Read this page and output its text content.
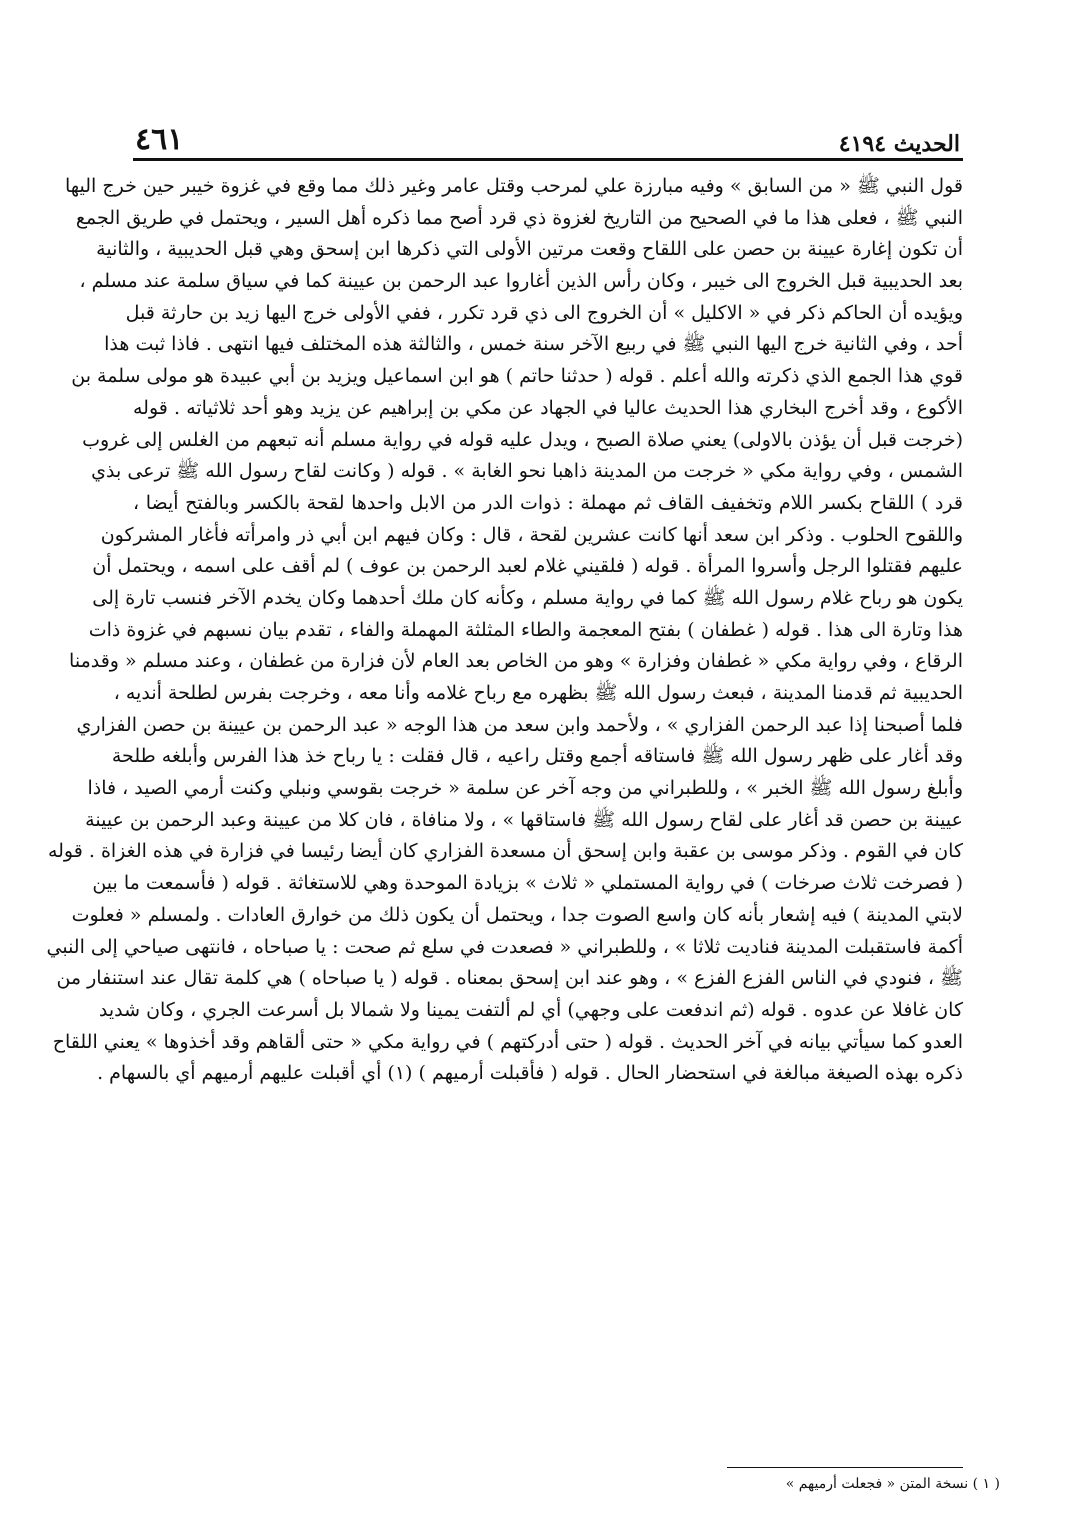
الحديث ٤١٩٤
٤٦١
قول النبي ﷺ « من السابق » وفيه مبارزة علي لمرحب وقتل عامر وغير ذلك مما وقع في غزوة خيبر حين خرج اليها
النبي ﷺ ، فعلى هذا ما في الصحيح من التاريخ لغزوة ذي قرد أصح مما ذكره أهل السير ، ويحتمل في طريق الجمع
أن تكون إغارة عيينة بن حصن على اللقاح وقعت مرتين الأولى التي ذكرها ابن إسحق وهي قبل الحديبية ، والثانية
بعد الحديبية قبل الخروج الى خيبر ، وكان رأس الذين أغاروا عبد الرحمن بن عيينة كما في سياق سلمة عند مسلم ،
ويؤيده أن الحاكم ذكر في « الاكليل » أن الخروج الى ذي قرد تكرر ، ففي الأولى خرج اليها زيد بن حارثة قبل
أحد ، وفي الثانية خرج اليها النبي ﷺ في ربيع الآخر سنة خمس ، والثالثة هذه المختلف فيها انتهى . فاذا ثبت هذا
قوي هذا الجمع الذي ذكرته والله أعلم . قوله ( حدثنا حاتم ) هو ابن اسماعيل ويزيد بن أبي عبيدة هو مولى سلمة بن
الأكوع ، وقد أخرج البخاري هذا الحديث عاليا في الجهاد عن مكي بن إبراهيم عن يزيد وهو أحد ثلاثياته . قوله
(خرجت قبل أن يؤذن بالاولى) يعني صلاة الصبح ، ويدل عليه قوله في رواية مسلم أنه تبعهم من الغلس إلى غروب
الشمس ، وفي رواية مكي « خرجت من المدينة ذاهبا نحو الغابة » . قوله ( وكانت لقاح رسول الله ﷺ ترعى بذي
قرد ) اللقاح بكسر اللام وتخفيف القاف ثم مهملة : ذوات الدر من الابل واحدها لقحة بالكسر وبالفتح أيضا ،
واللقوح الحلوب . وذكر ابن سعد أنها كانت عشرين لقحة ، قال : وكان فيهم ابن أبي ذر وامرأته فأغار المشركون
عليهم فقتلوا الرجل وأسروا المرأة . قوله ( فلقيني غلام لعبد الرحمن بن عوف ) لم أقف على اسمه ، ويحتمل أن
يكون هو رباح غلام رسول الله ﷺ كما في رواية مسلم ، وكأنه كان ملك أحدهما وكان يخدم الآخر فنسب تارة إلى
هذا وتارة الى هذا . قوله ( غطفان ) بفتح المعجمة والطاء المثلثة المهملة والفاء ، تقدم بيان نسبهم في غزوة ذات
الرقاع ، وفي رواية مكي « غطفان وفزارة » وهو من الخاص بعد العام لأن فزارة من غطفان ، وعند مسلم « وقدمنا
الحديبية ثم قدمنا المدينة ، فبعث رسول الله ﷺ بظهره مع رباح غلامه وأنا معه ، وخرجت بفرس لطلحة أنديه ،
فلما أصبحنا إذا عبد الرحمن الفزاري » ، ولأحمد وابن سعد من هذا الوجه « عبد الرحمن بن عيينة بن حصن الفزاري
وقد أغار على ظهر رسول الله ﷺ فاستاقه أجمع وقتل راعيه ، قال فقلت : يا رباح خذ هذا الفرس وأبلغه طلحة
وأبلغ رسول الله ﷺ الخبر » ، وللطبراني من وجه آخر عن سلمة « خرجت بقوسي ونبلي وكنت أرمي الصيد ، فاذا
عيينة بن حصن قد أغار على لقاح رسول الله ﷺ فاستاقها » ، ولا منافاة ، فان كلا من عيينة وعبد الرحمن بن عيينة
كان في القوم . وذكر موسى بن عقبة وابن إسحق أن مسعدة الفزاري كان أيضا رئيسا في فزارة في هذه الغزاة . قوله
( فصرخت ثلاث صرخات ) في رواية المستملي « ثلاث » بزيادة الموحدة وهي للاستغاثة . قوله ( فأسمعت ما بين
لابتي المدينة ) فيه إشعار بأنه كان واسع الصوت جدا ، ويحتمل أن يكون ذلك من خوارق العادات . ولمسلم « فعلوت
أكمة فاستقبلت المدينة فناديت ثلاثا » ، وللطبراني « فصعدت في سلع ثم صحت : يا صباحاه ، فانتهى صياحي إلى النبي
ﷺ ، فنودي في الناس الفزع الفزع » ، وهو عند ابن إسحق بمعناه . قوله ( يا صباحاه ) هي كلمة تقال عند استنفار من
كان غافلا عن عدوه . قوله (ثم اندفعت على وجهي) أي لم ألتفت يمينا ولا شمالا بل أسرعت الجري ، وكان شديد
العدو كما سيأتي بيانه في آخر الحديث . قوله ( حتى أدركتهم ) في رواية مكي « حتى ألقاهم وقد أخذوها » يعني اللقاح
ذكره بهذه الصيغة مبالغة في استحضار الحال . قوله ( فأقبلت أرميهم ) (١) أي أقبلت عليهم أرميهم أي بالسهام .
( ١ ) نسخة المتن « فجعلت أرميهم »
